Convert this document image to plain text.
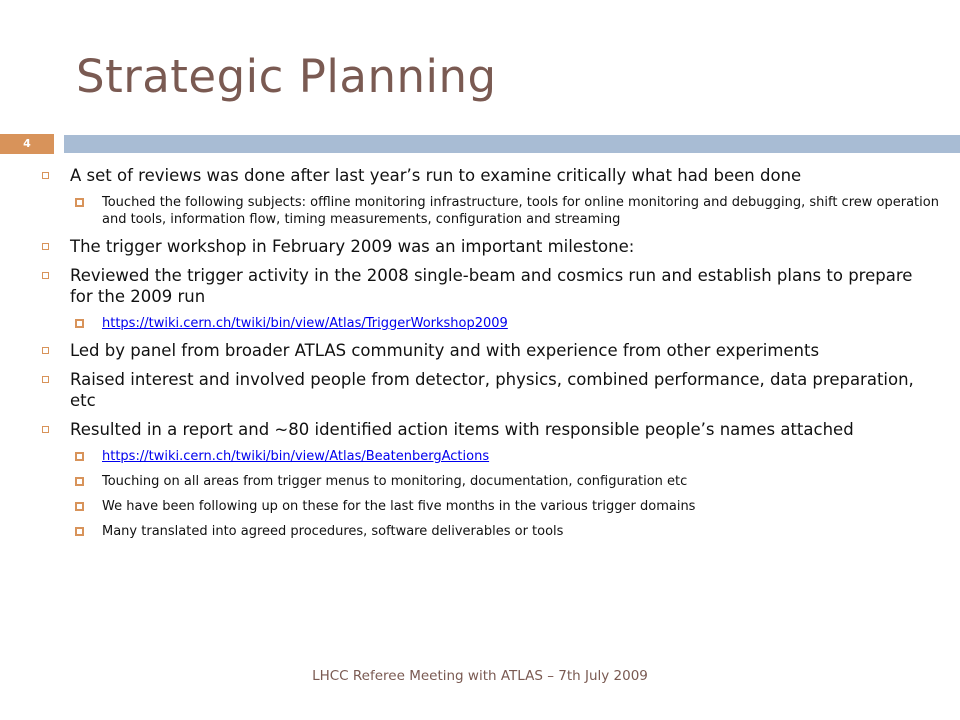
Strategic Planning
4
A set of reviews was done after last year’s run to examine critically what had been done
Touched the following subjects: offline monitoring infrastructure, tools for online monitoring and debugging, shift crew operation and tools, information flow, timing measurements, configuration and streaming
The trigger workshop in February 2009 was an important milestone:
Reviewed the trigger activity in the 2008 single-beam and cosmics run and establish plans to prepare for the 2009 run
https://twiki.cern.ch/twiki/bin/view/Atlas/TriggerWorkshop2009
Led by panel from broader ATLAS community and with experience from other experiments
Raised interest and involved people from detector, physics, combined performance, data preparation, etc
Resulted in a report and ~80 identified action items with responsible people’s names attached
https://twiki.cern.ch/twiki/bin/view/Atlas/BeatenbergActions
Touching on all areas from trigger menus to monitoring, documentation, configuration etc
We have been following up on these for the last five months in the various trigger domains
Many translated into agreed procedures, software deliverables or tools
LHCC Referee Meeting with ATLAS – 7th July 2009
